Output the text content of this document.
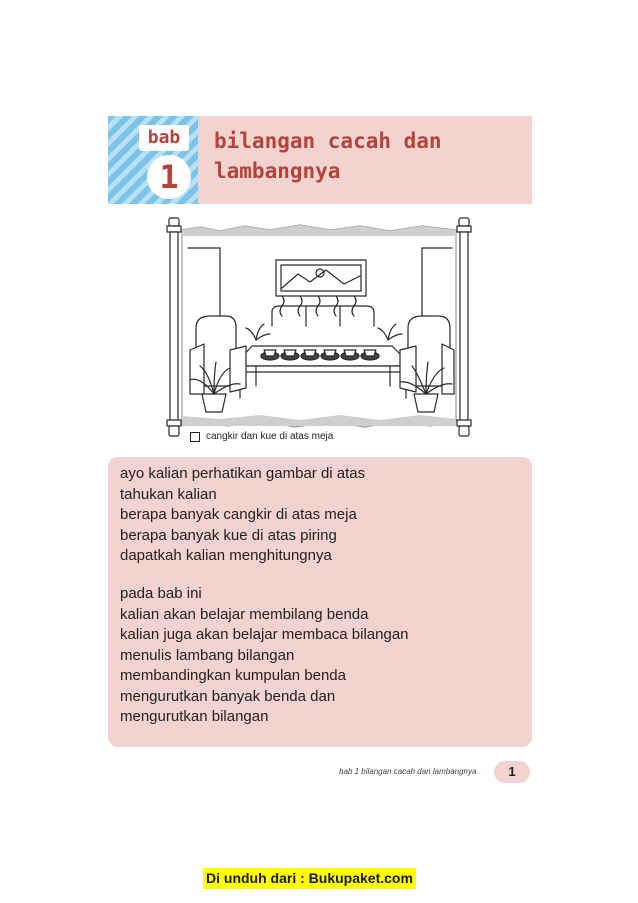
bab
1
bilangan cacah dan
lambangnya
cangkir dan kue di atas meja

ayo kalian perhatikan gambar di atas
tahukan kalian
berapa banyak cangkir di atas meja
berapa banyak kue di atas piring
dapatkah kalian menghitungnya

pada bab ini
kalian akan belajar membilang benda
kalian juga akan belajar membaca bilangan
menulis lambang bilangan
membandingkan kumpulan benda
mengurutkan banyak benda dan
mengurutkan bilangan

bab 1 bilangan cacah dan lambangnya	1
Di unduh dari : Bukupaket.com
